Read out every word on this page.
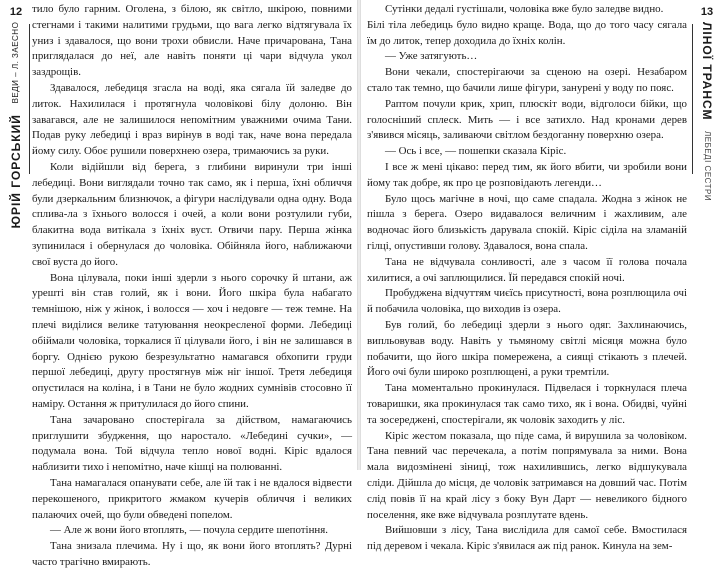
12
ЮРІЙ ГОРСЬКИЙ ВЕДИ – Л. ЗАЕСНО

тило було гарним. Оголена, з білою, як світло, шкірою, повними стегнами і такими налитими грудьми, що вага легко відтягувала їх униз і здавалося, що вони трохи обвисли. Наче причарована, Тана приглядалася до неї, але навіть поняти ці чари відчула укол заздрощів.

Здавалося, лебедиця згасла на воді, яка сягала їй заледве до литок. Нахилилася і протягнула чоловікові білу долоню. Він завагався, але не залишилося непомітним уважними очима Тани. Подав руку лебедиці і враз вирінув в воді так, наче вона передала йому силу. Обоє рушили поверхнею озера, тримаючись за руки.

Коли відійшли від берега, з глибини виринули три інші лебедиці. Вони виглядали точно так само, як і перша, їхні обличчя були дзеркальним близнючок, а фігури наслідували одна одну. Вода сплива-ла з їхнього волосся і очей, а коли вони розтулили губи, блакитна вода витікала з їхніх вуст. Отвичи пару. Перша жінка зупинилася і обернулася до чоловіка. Обійняла його, наближаючи свої вуста до його.

Вона цілувала, поки інші здерли з нього сорочку й штани, аж урешті він став голий, як і вони. Його шкіра була набагато темнішою, ніж у жінок, і волосся — хоч і недовге — теж темне. На плечі виділися велике татуювання неокресленої форми. Лебедиці обіймали чоловіка, торкалися її цілували його, і він не залишався в боргу. Однією рукою безрезультатно намагався обхопити груди першої лебедиці, другу простягнув між ніг іншої. Третя лебедиця опустилася на коліна, і в Тани не було жодних сумнівів стосовно її наміру. Остання ж притулилася до його спини.

Тана зачаровано спостерігала за дійством, намагаючись приглушити збудження, що наростало. «Лебедині сучки», — подумала вона. Той відчула тепло нової водні. Кірiс вдалося наблизити тихо і непомітно, наче кішці на полюванні.

Тана намагалася опанувати себе, але їй так і не вдалося відвести перекошеного, прикритого жмаком кучерів обличчя і великих палаючих очей, що були обведені попелом.

— Але ж вони його втоплять, — почула сердите шепотіння.

Тана знизала плечима. Ну і що, як вони його втоплять? Дурні часто трагічно вмирають.

Сутінки дедалі густішали, чоловіка вже було заледве видно.

Білі тіла лебедиць було видно краще. Вода, що до того часу сягала їм до литок, тепер доходила до їхніх колін.

— Уже затягують…

Вони чекали, спостерігаючи за сценою на озері. Незабаром стало так темно, що бачили лише фігури, занурені у воду по пояс.

Раптом почули крик, хрип, плюскіт води, відголоси бійки, що голосніший сплеск. Мить — і все затихло. Над кронами дерев з'явився місяць, заливаючи світлом бездоганну поверхню озера.

— Ось і все, — пошепки сказала Кірiс.

І все ж мені цікаво: перед тим, як його вбити, чи зробили вони йому так добре, як про це розповідають легенди…

Було щось магічне в ночі, що саме спадала. Жодна з жінок не пішла з берега. Озеро видавалося величним і жахливим, але водночас його близькість дарувала спокій. Кірiс сіділа на зламаній гілці, опустивши голову. Здавалося, вона спала.

Тана не відчувала сонливості, але з часом її голова почала хилитися, а очі заплющилися. Їй передався спокій ночі.

Пробуджена відчуттям чиєїсь присутності, вона розплющила очі й побачила чоловіка, що виходив із озера.

Був голий, бо лебедиці здерли з нього одяг. Захлинаючись, випльовував воду. Навіть у тьмяному світлі місяця можна було побачити, що його шкіра помережена, а сиящі стікають з плечей. Його очі були широко розплющені, а руки тремтіли.

Тана моментально прокинулася. Підвелася і торкнулася плеча товаришки, яка прокинулася так само тихо, як і вона. Обидві, чуйні та зосереджені, спостерігали, як чоловік заходить у ліс.

Кірiс жестом показала, що піде сама, й вирушила за чоловіком. Тана певний час перечекала, а потім попрямувала за ними. Вона мала видозмінені зіниці, тож нахилившись, легко відшукувала сліди. Дійшла до місця, де чоловік затримався на довший час. Потім слід повів її на край лісу з боку Вун Дарт — невеликого бідного поселення, яке вже відчувала розплутате вдень.

Вийшовши з лісу, Тана вислідила для самої себе. Вмостилася під деревом і чекала. Кірiс з'явилася аж під ранок. Кинула на зем-

13
ЛІНОЇ ТРАНСМ ЛЕБЕДІ СЕСТРИ
